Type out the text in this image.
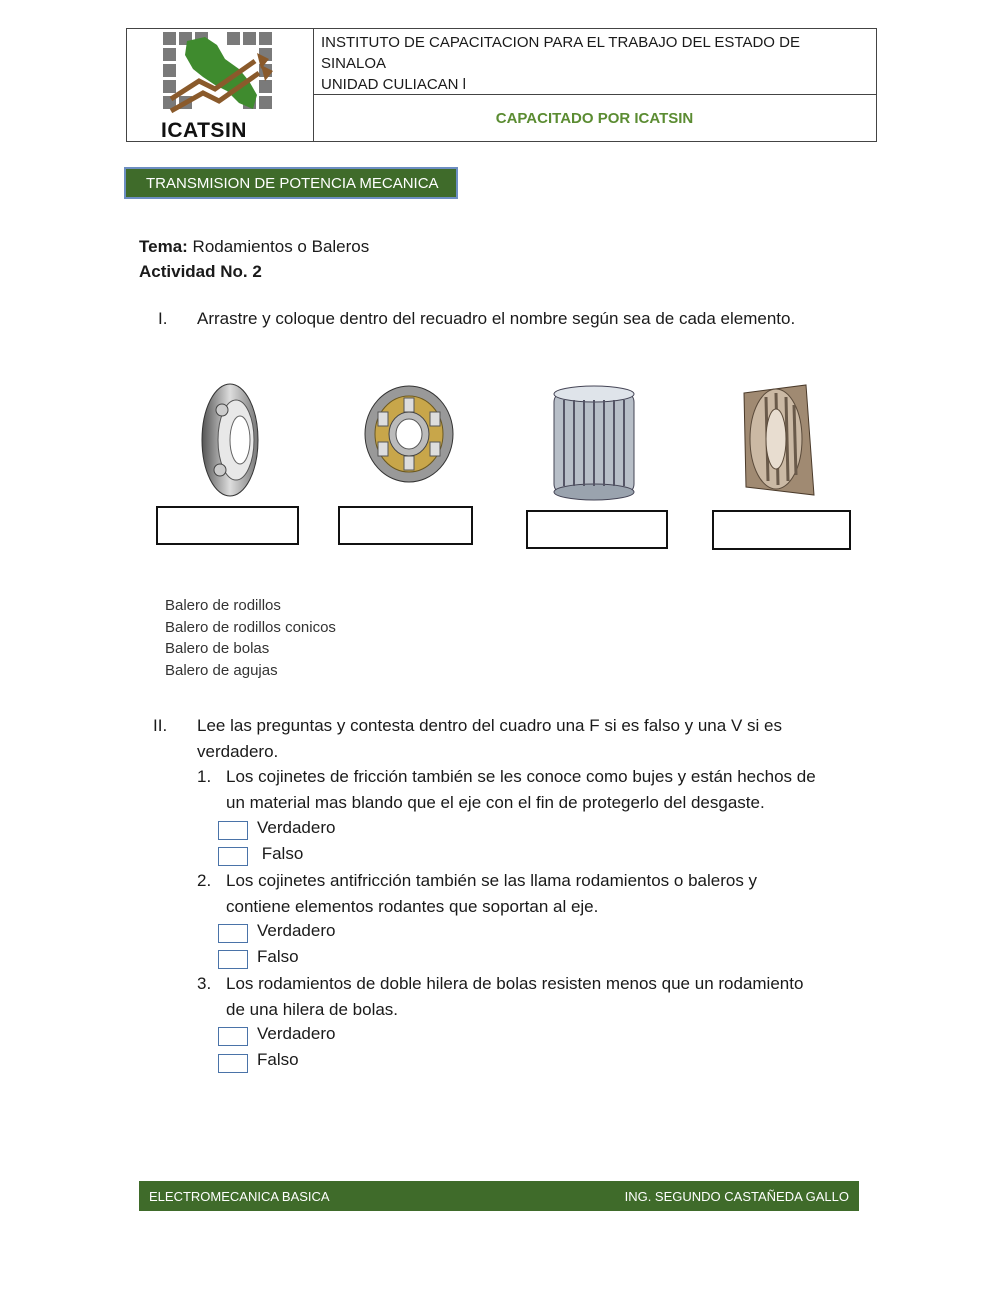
ICATSIN
INSTITUTO DE CAPACITACION PARA EL TRABAJO DEL ESTADO DE SINALOA
UNIDAD CULIACAN l
CAPACITADO POR ICATSIN
TRANSMISION DE POTENCIA MECANICA
Tema: Rodamientos o Baleros
Actividad No. 2
I. Arrastre y coloque dentro del recuadro el nombre según sea de cada elemento.
Balero de rodillos
Balero de rodillos conicos
Balero de bolas
Balero de agujas
II. Lee las preguntas y contesta dentro del cuadro una F si es falso y una V si es
verdadero.
1. Los cojinetes de fricción también se les conoce como bujes y están hechos de
un material mas blando que el eje con el fin de protegerlo del desgaste.
Verdadero
Falso
2. Los cojinetes antifricción también se las llama rodamientos o baleros y
contiene elementos rodantes que soportan al eje.
Verdadero
Falso
3. Los rodamientos de doble hilera de bolas resisten menos que un rodamiento
de una hilera de bolas.
Verdadero
Falso
ELECTROMECANICA BASICA	ING. SEGUNDO CASTAÑEDA GALLO
